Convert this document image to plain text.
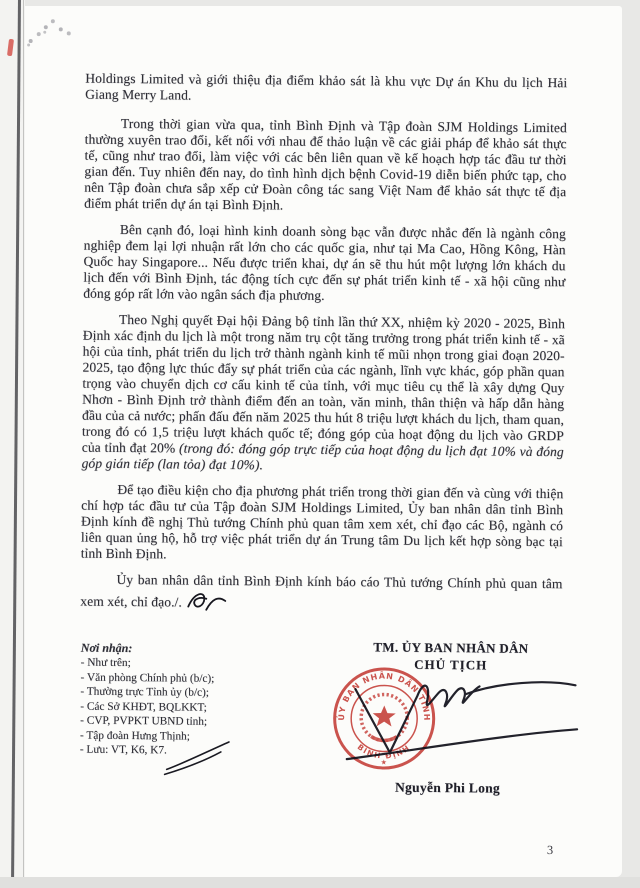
Holdings Limited và giới thiệu địa điểm khảo sát là khu vực Dự án Khu du lịch Hải Giang Merry Land.

Trong thời gian vừa qua, tỉnh Bình Định và Tập đoàn SJM Holdings Limited thường xuyên trao đổi, kết nối với nhau để thảo luận về các giải pháp để khảo sát thực tế, cũng như trao đổi, làm việc với các bên liên quan về kế hoạch hợp tác đầu tư thời gian đến. Tuy nhiên đến nay, do tình hình dịch bệnh Covid-19 diễn biến phức tạp, cho nên Tập đoàn chưa sắp xếp cử Đoàn công tác sang Việt Nam để khảo sát thực tế địa điểm phát triển dự án tại Bình Định.

Bên cạnh đó, loại hình kinh doanh sòng bạc vẫn được nhắc đến là ngành công nghiệp đem lại lợi nhuận rất lớn cho các quốc gia, như tại Ma Cao, Hồng Kông, Hàn Quốc hay Singapore... Nếu được triển khai, dự án sẽ thu hút một lượng lớn khách du lịch đến với Bình Định, tác động tích cực đến sự phát triển kinh tế - xã hội cũng như đóng góp rất lớn vào ngân sách địa phương.

Theo Nghị quyết Đại hội Đảng bộ tỉnh lần thứ XX, nhiệm kỳ 2020 - 2025, Bình Định xác định du lịch là một trong năm trụ cột tăng trưởng trong phát triển kinh tế - xã hội của tỉnh, phát triển du lịch trở thành ngành kinh tế mũi nhọn trong giai đoạn 2020-2025, tạo động lực thúc đẩy sự phát triển của các ngành, lĩnh vực khác, góp phần quan trọng vào chuyển dịch cơ cấu kinh tế của tỉnh, với mục tiêu cụ thể là xây dựng Quy Nhơn - Bình Định trở thành điểm đến an toàn, văn minh, thân thiện và hấp dẫn hàng đầu của cả nước; phấn đấu đến năm 2025 thu hút 8 triệu lượt khách du lịch, tham quan, trong đó có 1,5 triệu lượt khách quốc tế; đóng góp của hoạt động du lịch vào GRDP của tỉnh đạt 20% (trong đó: đóng góp trực tiếp của hoạt động du lịch đạt 10% và đóng góp gián tiếp (lan tỏa) đạt 10%).

Để tạo điều kiện cho địa phương phát triển trong thời gian đến và cùng với thiện chí hợp tác đầu tư của Tập đoàn SJM Holdings Limited, Ủy ban nhân dân tỉnh Bình Định kính đề nghị Thủ tướng Chính phủ quan tâm xem xét, chỉ đạo các Bộ, ngành có liên quan ủng hộ, hỗ trợ việc phát triển dự án Trung tâm Du lịch kết hợp sòng bạc tại tỉnh Bình Định.

Ủy ban nhân dân tỉnh Bình Định kính báo cáo Thủ tướng Chính phủ quan tâm xem xét, chỉ đạo./.

Nơi nhận:
- Như trên;
- Văn phòng Chính phủ (b/c);
- Thường trực Tỉnh ủy (b/c);
- Các Sở KHĐT, BQLKKT;
- CVP, PVPKT UBND tỉnh;
- Tập đoàn Hưng Thịnh;
- Lưu: VT, K6, K7.
TM. ỦY BAN NHÂN DÂN
CHỦ TỊCH
ỦY BAN NHÂN DÂN TỈNH
BÌNH ĐỊNH
★
Nguyễn Phi Long
3
